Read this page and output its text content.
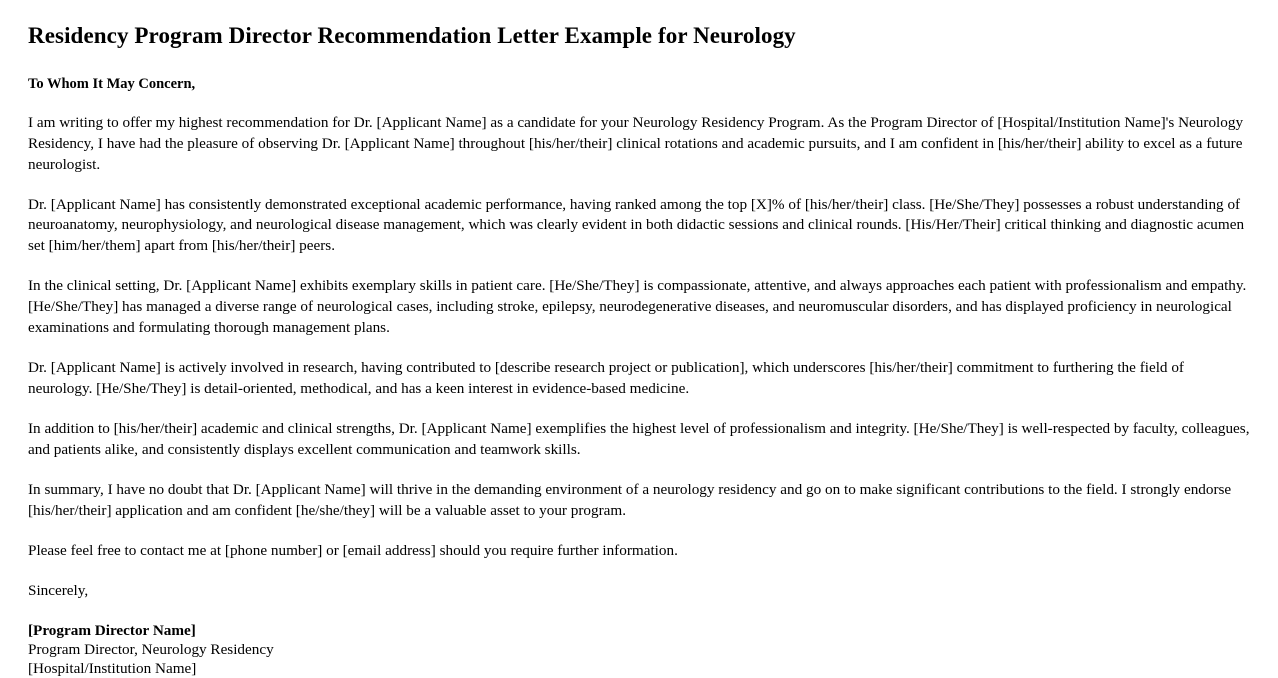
Residency Program Director Recommendation Letter Example for Neurology

To Whom It May Concern,

I am writing to offer my highest recommendation for Dr. [Applicant Name] as a candidate for your Neurology Residency Program. As the Program Director of [Hospital/Institution Name]'s Neurology Residency, I have had the pleasure of observing Dr. [Applicant Name] throughout [his/her/their] clinical rotations and academic pursuits, and I am confident in [his/her/their] ability to excel as a future neurologist.

Dr. [Applicant Name] has consistently demonstrated exceptional academic performance, having ranked among the top [X]% of [his/her/their] class. [He/She/They] possesses a robust understanding of neuroanatomy, neurophysiology, and neurological disease management, which was clearly evident in both didactic sessions and clinical rounds. [His/Her/Their] critical thinking and diagnostic acumen set [him/her/them] apart from [his/her/their] peers.

In the clinical setting, Dr. [Applicant Name] exhibits exemplary skills in patient care. [He/She/They] is compassionate, attentive, and always approaches each patient with professionalism and empathy. [He/She/They] has managed a diverse range of neurological cases, including stroke, epilepsy, neurodegenerative diseases, and neuromuscular disorders, and has displayed proficiency in neurological examinations and formulating thorough management plans.

Dr. [Applicant Name] is actively involved in research, having contributed to [describe research project or publication], which underscores [his/her/their] commitment to furthering the field of neurology. [He/She/They] is detail-oriented, methodical, and has a keen interest in evidence-based medicine.

In addition to [his/her/their] academic and clinical strengths, Dr. [Applicant Name] exemplifies the highest level of professionalism and integrity. [He/She/They] is well-respected by faculty, colleagues, and patients alike, and consistently displays excellent communication and teamwork skills.

In summary, I have no doubt that Dr. [Applicant Name] will thrive in the demanding environment of a neurology residency and go on to make significant contributions to the field. I strongly endorse [his/her/their] application and am confident [he/she/they] will be a valuable asset to your program.

Please feel free to contact me at [phone number] or [email address] should you require further information.

Sincerely,

[Program Director Name]
Program Director, Neurology Residency
[Hospital/Institution Name]
